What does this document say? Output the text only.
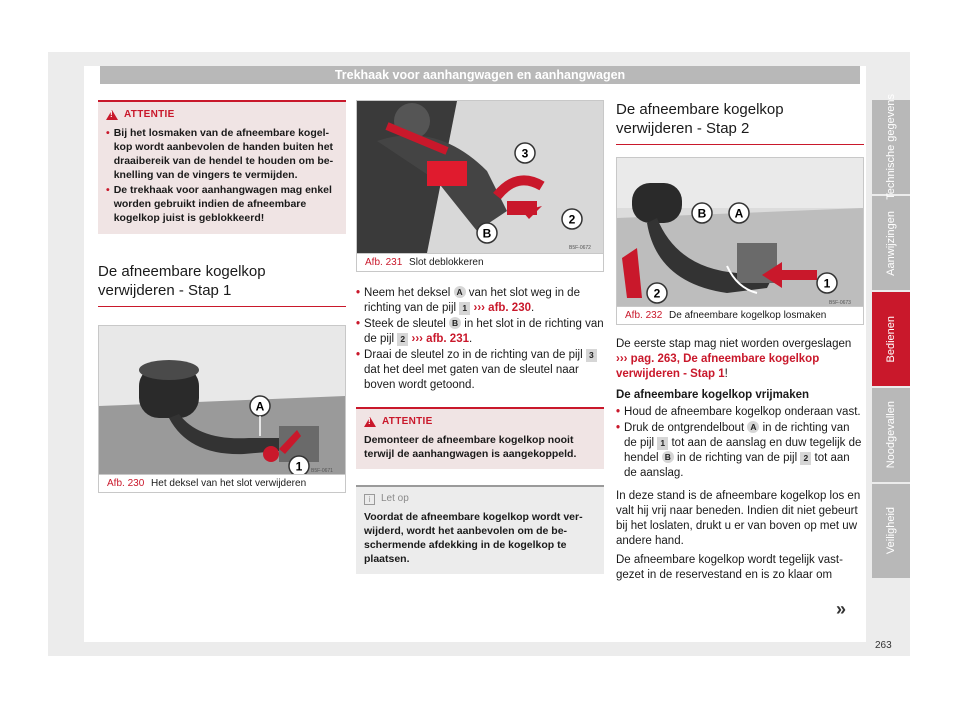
Trekhaak voor aanhangwagen en aanhangwagen
!
ATTENTIE
• Bij het losmaken van de afneembare kogelkop wordt aanbevolen de handen buiten het draaibereik van de hendel te houden om beknelling van de vingers te vermijden.
• De trekhaak voor aanhangwagen mag enkel worden gebruikt indien de afneembare kogelkop juist is geblokkeerd!
De afneembare kogelkop verwijderen - Stap 1
A
1 B5F-0671
Afb. 230 Het deksel van het slot verwijderen
3
2
B
B5F-0672
Afb. 231 Slot deblokkeren
• Neem het deksel A van het slot weg in de richting van de pijl 1 ››› afb. 230.
• Steek de sleutel B in het slot in de richting van de pijl 2 ››› afb. 231.
• Draai de sleutel zo in de richting van de pijl 3 dat het deel met gaten van de sleutel naar boven wordt getoond.
!
ATTENTIE
Demonteer de afneembare kogelkop nooit terwijl de aanhangwagen is aangekoppeld.
i	Let op
Voordat de afneembare kogelkop wordt verwijderd, wordt het aanbevolen om de beschermende afdekking in de kogelkop te plaatsen.
De afneembare kogelkop verwijderen - Stap 2
B A
2
1
B5F-0673
Afb. 232 De afneembare kogelkop losmaken
De eerste stap mag niet worden overgeslagen ››› pag. 263, De afneembare kogelkop verwijderen - Stap 1!
De afneembare kogelkop vrijmaken
• Houd de afneembare kogelkop onderaan vast.
• Druk de ontgrendelbout A in de richting van de pijl 1 tot aan de aanslag en duw tegelijk de hendel B in de richting van de pijl 2 tot aan de aanslag.
In deze stand is de afneembare kogelkop los en valt hij vrij naar beneden. Indien dit niet gebeurt bij het loslaten, drukt u er van boven op met uw andere hand.
De afneembare kogelkop wordt tegelijk vastgezet in de reservestand en is zo klaar om
»
Technische gegevens
Aanwijzingen
Bedienen
Noodgevallen
Veiligheid
263
